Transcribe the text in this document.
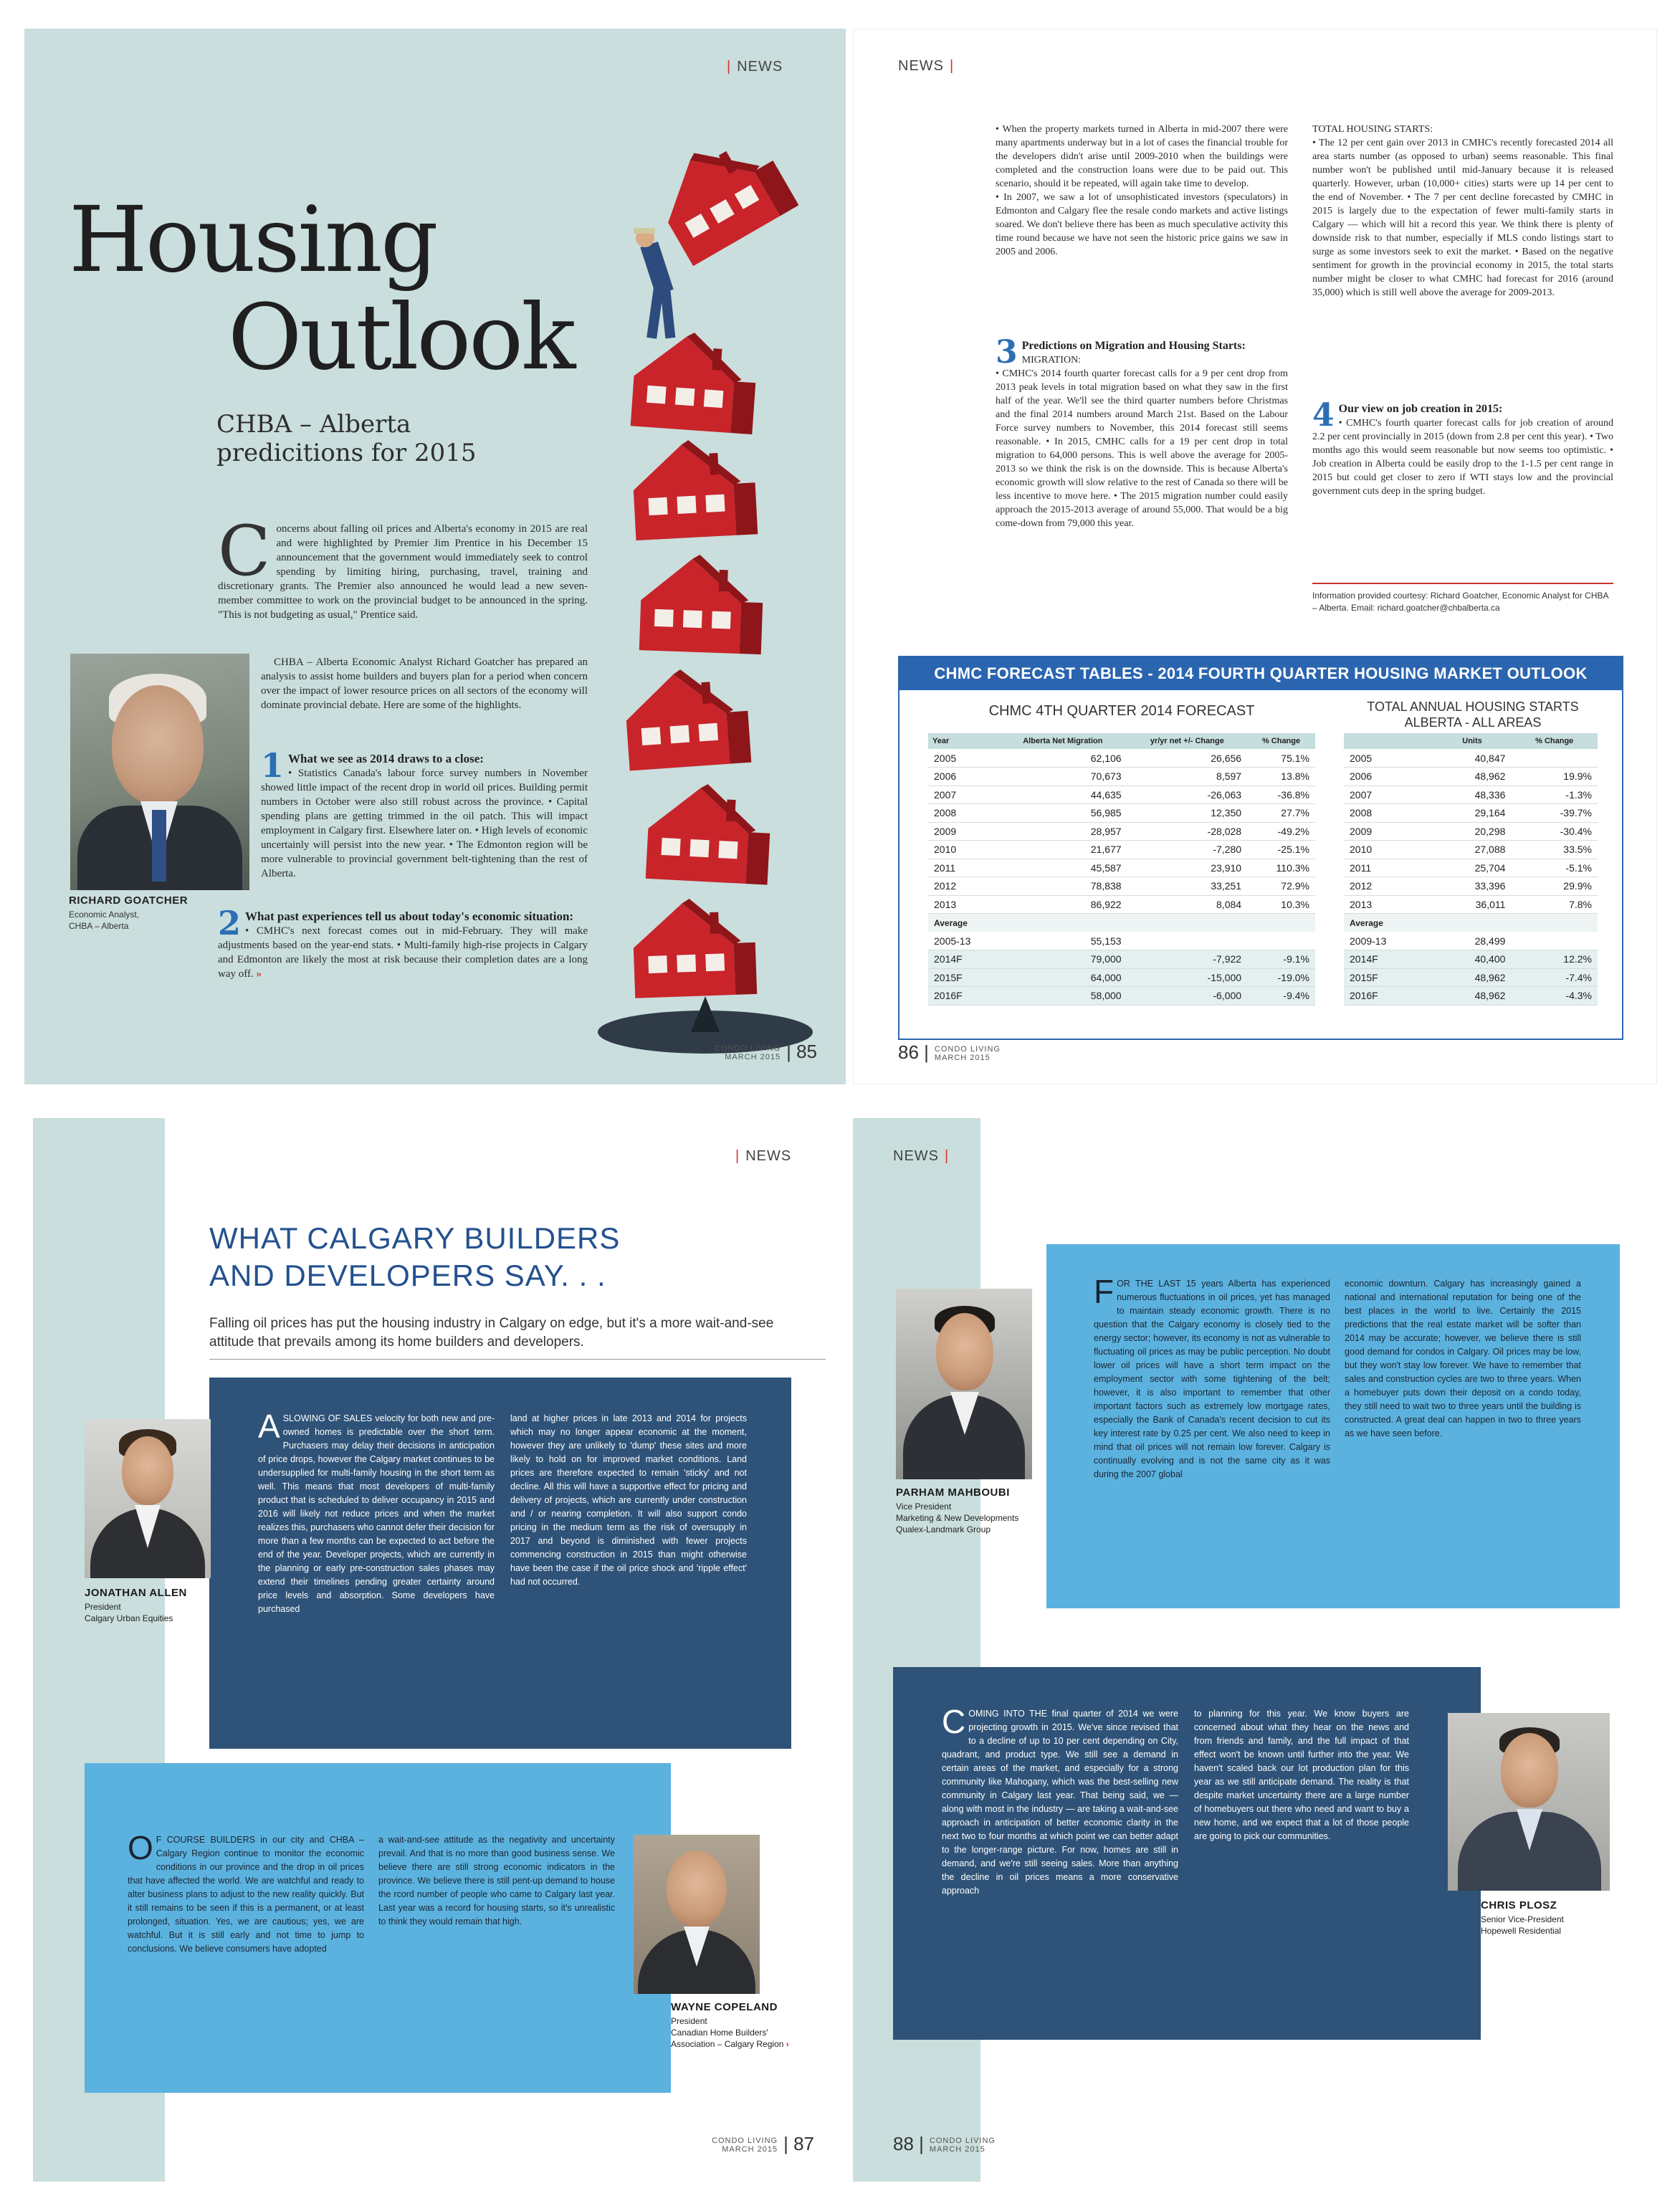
| NEWS
Housing
Outlook
CHBA – Alberta predicitions for 2015
Concerns about falling oil prices and Alberta's economy in 2015 are real and were highlighted by Premier Jim Prentice in his December 15 announcement that the government would immediately seek to control spending by limiting hiring, purchasing, travel, training and discretionary grants. The Premier also announced he would lead a new seven-member committee to work on the provincial budget to be announced in the spring. "This is not budgeting as usual," Prentice said.
CHBA – Alberta Economic Analyst Richard Goatcher has prepared an analysis to assist home builders and buyers plan for a period when concern over the impact of lower resource prices on all sectors of the economy will dominate provincial debate. Here are some of the highlights.
1 What we see as 2014 draws to a close:
• Statistics Canada's labour force survey numbers in November showed little impact of the recent drop in world oil prices. Building permit numbers in October were also still robust across the province. • Capital spending plans are getting trimmed in the oil patch. This will impact employment in Calgary first. Elsewhere later on. • High levels of economic uncertainly will persist into the new year. • The Edmonton region will be more vulnerable to provincial government belt-tightening than the rest of Alberta.
2 What past experiences tell us about today's economic situation:
• CMHC's next forecast comes out in mid-February. They will make adjustments based on the year-end stats. • Multi-family high-rise projects in Calgary and Edmonton are likely the most at risk because their completion dates are a long way off. »
RICHARD GOATCHER
Economic Analyst,
CHBA – Alberta
CONDO LIVING
MARCH 2015 | 85
NEWS |
• When the property markets turned in Alberta in mid-2007 there were many apartments underway but in a lot of cases the financial trouble for the developers didn't arise until 2009-2010 when the buildings were completed and the construction loans were due to be paid out. This scenario, should it be repeated, will again take time to develop.
• In 2007, we saw a lot of unsophisticated investors (speculators) in Edmonton and Calgary flee the resale condo markets and active listings soared. We don't believe there has been as much speculative activity this time round because we have not seen the historic price gains we saw in 2005 and 2006.
3 Predictions on Migration and Housing Starts:
MIGRATION:
• CMHC's 2014 fourth quarter forecast calls for a 9 per cent drop from 2013 peak levels in total migration based on what they saw in the first half of the year. We'll see the third quarter numbers before Christmas and the final 2014 numbers around March 21st. Based on the Labour Force survey numbers to November, this 2014 forecast still seems reasonable. • In 2015, CMHC calls for a 19 per cent drop in total migration to 64,000 persons. This is well above the average for 2005-2013 so we think the risk is on the downside. This is because Alberta's economic growth will slow relative to the rest of Canada so there will be less incentive to move here. • The 2015 migration number could easily approach the 2015-2013 average of around 55,000. That would be a big come-down from 79,000 this year.
TOTAL HOUSING STARTS:
• The 12 per cent gain over 2013 in CMHC's recently forecasted 2014 all area starts number (as opposed to urban) seems reasonable. This final number won't be published until mid-January because it is released quarterly. However, urban (10,000+ cities) starts were up 14 per cent to the end of November. • The 7 per cent decline forecasted by CMHC in 2015 is largely due to the expectation of fewer multi-family starts in Calgary — which will hit a record this year. We think there is plenty of downside risk to that number, especially if MLS condo listings start to surge as some investors seek to exit the market. • Based on the negative sentiment for growth in the provincial economy in 2015, the total starts number might be closer to what CMHC had forecast for 2016 (around 35,000) which is still well above the average for 2009-2013.
4 Our view on job creation in 2015:
• CMHC's fourth quarter forecast calls for job creation of around 2.2 per cent provincially in 2015 (down from 2.8 per cent this year). • Two months ago this would seem reasonable but now seems too optimistic. • Job creation in Alberta could be easily drop to the 1-1.5 per cent range in 2015 but could get closer to zero if WTI stays low and the provincial government cuts deep in the spring budget.
Information provided courtesy: Richard Goatcher, Economic Analyst for CHBA – Alberta. Email: richard.goatcher@chbalberta.ca
CHMC FORECAST TABLES - 2014 FOURTH QUARTER HOUSING MARKET OUTLOOK
CHMC 4TH QUARTER 2014 FORECAST	TOTAL ANNUAL HOUSING STARTS ALBERTA - ALL AREAS
Year	Alberta Net Migration	yr/yr net +/- Change	% Change
2005	62,106	26,656	75.1%
2006	70,673	8,597	13.8%
2007	44,635	-26,063	-36.8%
2008	56,985	12,350	27.7%
2009	28,957	-28,028	-49.2%
2010	21,677	-7,280	-25.1%
2011	45,587	23,910	110.3%
2012	78,838	33,251	72.9%
2013	86,922	8,084	10.3%
Average			
2005-13	55,153		
2014F	79,000	-7,922	-9.1%
2015F	64,000	-15,000	-19.0%
2016F	58,000	-6,000	-9.4%
	Units	% Change
2005	40,847	
2006	48,962	19.9%
2007	48,336	-1.3%
2008	29,164	-39.7%
2009	20,298	-30.4%
2010	27,088	33.5%
2011	25,704	-5.1%
2012	33,396	29.9%
2013	36,011	7.8%
Average		
2009-13	28,499	
2014F	40,400	12.2%
2015F	48,962	-7.4%
2016F	48,962	-4.3%
86 | CONDO LIVING
MARCH 2015
| NEWS
WHAT CALGARY BUILDERS
AND DEVELOPERS SAY. . .
Falling oil prices has put the housing industry in Calgary on edge, but it's a more wait-and-see attitude that prevails among its home builders and developers.
ASLOWING OF SALES velocity for both new and pre-owned homes is predictable over the short term. Purchasers may delay their decisions in anticipation of price drops, however the Calgary market continues to be undersupplied for multi-family housing in the short term as well. This means that most developers of multi-family product that is scheduled to deliver occupancy in 2015 and 2016 will likely not reduce prices and when the market realizes this, purchasers who cannot defer their decision for more than a few months can be expected to act before the end of the year. Developer projects, which are currently in the planning or early pre-construction sales phases may extend their timelines pending greater certainty around price levels and absorption. Some developers have purchased
land at higher prices in late 2013 and 2014 for projects which may no longer appear economic at the moment, however they are unlikely to 'dump' these sites and more likely to hold on for improved market conditions. Land prices are therefore expected to remain 'sticky' and not decline. All this will have a supportive effect for pricing and delivery of projects, which are currently under construction and / or nearing completion. It will also support condo pricing in the medium term as the risk of oversupply in 2017 and beyond is diminished with fewer projects commencing construction in 2015 than might otherwise have been the case if the oil price shock and 'ripple effect' had not occurred.
JONATHAN ALLEN
President
Calgary Urban Equities
O F COURSE BUILDERS in our city and CHBA – Calgary Region continue to monitor the economic conditions in our province and the drop in oil prices that have affected the world. We are watchful and ready to alter business plans to adjust to the new reality quickly. But it still remains to be seen if this is a permanent, or at least prolonged, situation. Yes, we are cautious; yes, we are watchful. But it is still early and not time to jump to conclusions. We believe consumers have adopted
a wait-and-see attitude as the negativity and uncertainty prevail. And that is no more than good business sense. We believe there are still strong economic indicators in the province. We believe there is still pent-up demand to house the rcord number of people who came to Calgary last year. Last year was a record for housing starts, so it's unrealistic to think they would remain that high.
WAYNE COPELAND
President
Canadian Home Builders'
Association – Calgary Region ›
CONDO LIVING
MARCH 2015 | 87
NEWS |
FOR THE LAST 15 years Alberta has experienced numerous fluctuations in oil prices, yet has managed to maintain steady economic growth. There is no question that the Calgary economy is closely tied to the energy sector; however, its economy is not as vulnerable to fluctuating oil prices as may be public perception. No doubt lower oil prices will have a short term impact on the employment sector with some tightening of the belt; however, it is also important to remember that other important factors such as extremely low mortgage rates, especially the Bank of Canada's recent decision to cut its key interest rate by 0.25 per cent. We also need to keep in mind that oil prices will not remain low forever. Calgary is continually evolving and is not the same city as it was during the 2007 global
economic downturn. Calgary has increasingly gained a national and international reputation for being one of the best places in the world to live. Certainly the 2015 predictions that the real estate market will be softer than 2014 may be accurate; however, we believe there is still good demand for condos in Calgary. Oil prices may be low, but they won't stay low forever. We have to remember that sales and construction cycles are two to three years. When a homebuyer puts down their deposit on a condo today, they still need to wait two to three years until the building is constructed. A great deal can happen in two to three years as we have seen before.
PARHAM MAHBOUBI
Vice President
Marketing & New Developments
Qualex-Landmark Group
COMING INTO THE final quarter of 2014 we were projecting growth in 2015. We've since revised that to a decline of up to 10 per cent depending on City, quadrant, and product type. We still see a demand in certain areas of the market, and especially for a strong community like Mahogany, which was the best-selling new community in Calgary last year. That being said, we — along with most in the industry — are taking a wait-and-see approach in anticipation of better economic clarity in the next two to four months at which point we can better adapt to the longer-range picture. For now, homes are still in demand, and we're still seeing sales. More than anything the decline in oil prices means a more conservative approach
to planning for this year. We know buyers are concerned about what they hear on the news and from friends and family, and the full impact of that effect won't be known until further into the year. We haven't scaled back our lot production plan for this year as we still anticipate demand. The reality is that despite market uncertainty there are a large number of homebuyers out there who need and want to buy a new home, and we expect that a lot of those people are going to pick our communities.
CHRIS PLOSZ
Senior Vice-President
Hopewell Residential
88 | CONDO LIVING
MARCH 2015
